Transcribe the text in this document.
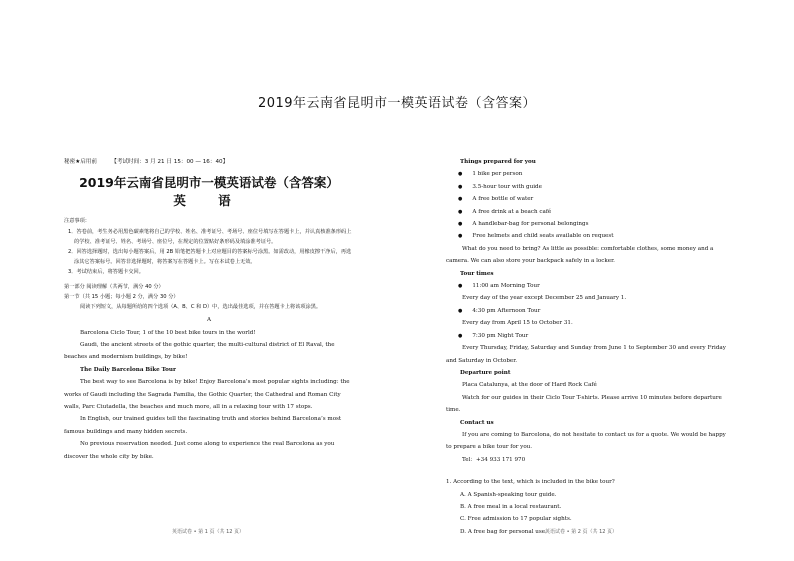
2019年云南省昆明市一模英语试卷（含答案）
秘密★启用前	【考试时间：3 月 21 日 15：00 — 16：40】
2019年云南省昆明市一模英语试卷（含答案）
英 语
注意事项：
1．答卷前，考生务必用黑色碳素笔将自己的学校、姓名、准考证号、考场号、座位号填写在答题卡上，并认真核准条形码上的学校、准考证号、姓名、考场号、座位号，在规定的位置贴好条形码及填涂准考证号。
2．回答选择题时，选出每小题答案后，用 2B 铅笔把答题卡上对应题目的答案标号涂黑。如需改动，用橡皮擦干净后，再选涂其它答案标号。回答非选择题时，将答案写在答题卡上。写在本试卷上无效。
3．考试结束后，将答题卡交回。
第一部分 阅读理解（共两节，满分 40 分）
第一节（共 15 小题；每小题 2 分，满分 30 分）
阅读下列短文，从每题所给的四个选项（A、B、C 和 D）中，选出最佳选项，并在答题卡上将该项涂黑。
A

Barcelona Ciclo Tour, 1 of the 10 best bike tours in the world!

Gaudi, the ancient streets of the gothic quarter, the multi-cultural district of El Raval, the beaches and modernism buildings, by bike!

The Daily Barcelona Bike Tour

The best way to see Barcelona is by bike! Enjoy Barcelona’s most popular sights including: the works of Gaudi including the Sagrada Familia, the Gothic Quarter, the Cathedral and Roman City walls, Parc Ciutadella, the beaches and much more, all in a relaxing tour with 17 stops.

In English, our trained guides tell the fascinating truth and stories behind Barcelona’s most famous buildings and many hidden secrets.

No previous reservation needed. Just come along to experience the real Barcelona as you discover the whole city by bike.

英语试卷 • 第 1 页（共 12 页）

Things prepared for you

● 1 bike per person
● 3.5-hour tour with guide
● A free bottle of water
● A free drink at a beach café
● A handlebar-bag for personal belongings
● Free helmets and child seats available on request

What do you need to bring? As little as possible: comfortable clothes, some money and a camera. We can also store your backpack safely in a locker.

Tour times

● 11:00 am Morning Tour

Every day of the year except December 25 and January 1.

● 4:30 pm Afternoon Tour

Every day from April 15 to October 31.

● 7:30 pm Night Tour

Every Thursday, Friday, Saturday and Sunday from June 1 to September 30 and every Friday and Saturday in October.

Departure point

Placa Catalunya, at the door of Hard Rock Café

Watch for our guides in their Ciclo Tour T-shirts. Please arrive 10 minutes before departure time.

Contact us

If you are coming to Barcelona, do not hesitate to contact us for a quote. We would be happy to prepare a bike tour for you.

Tel：+34 933 171 970

1. According to the text, which is included in the bike tour?

A. A Spanish-speaking tour guide.

B. A free meal in a local restaurant.

C. Free admission to 17 popular sights.

D. A free bag for personal use.

英语试卷 • 第 2 页（共 12 页）
